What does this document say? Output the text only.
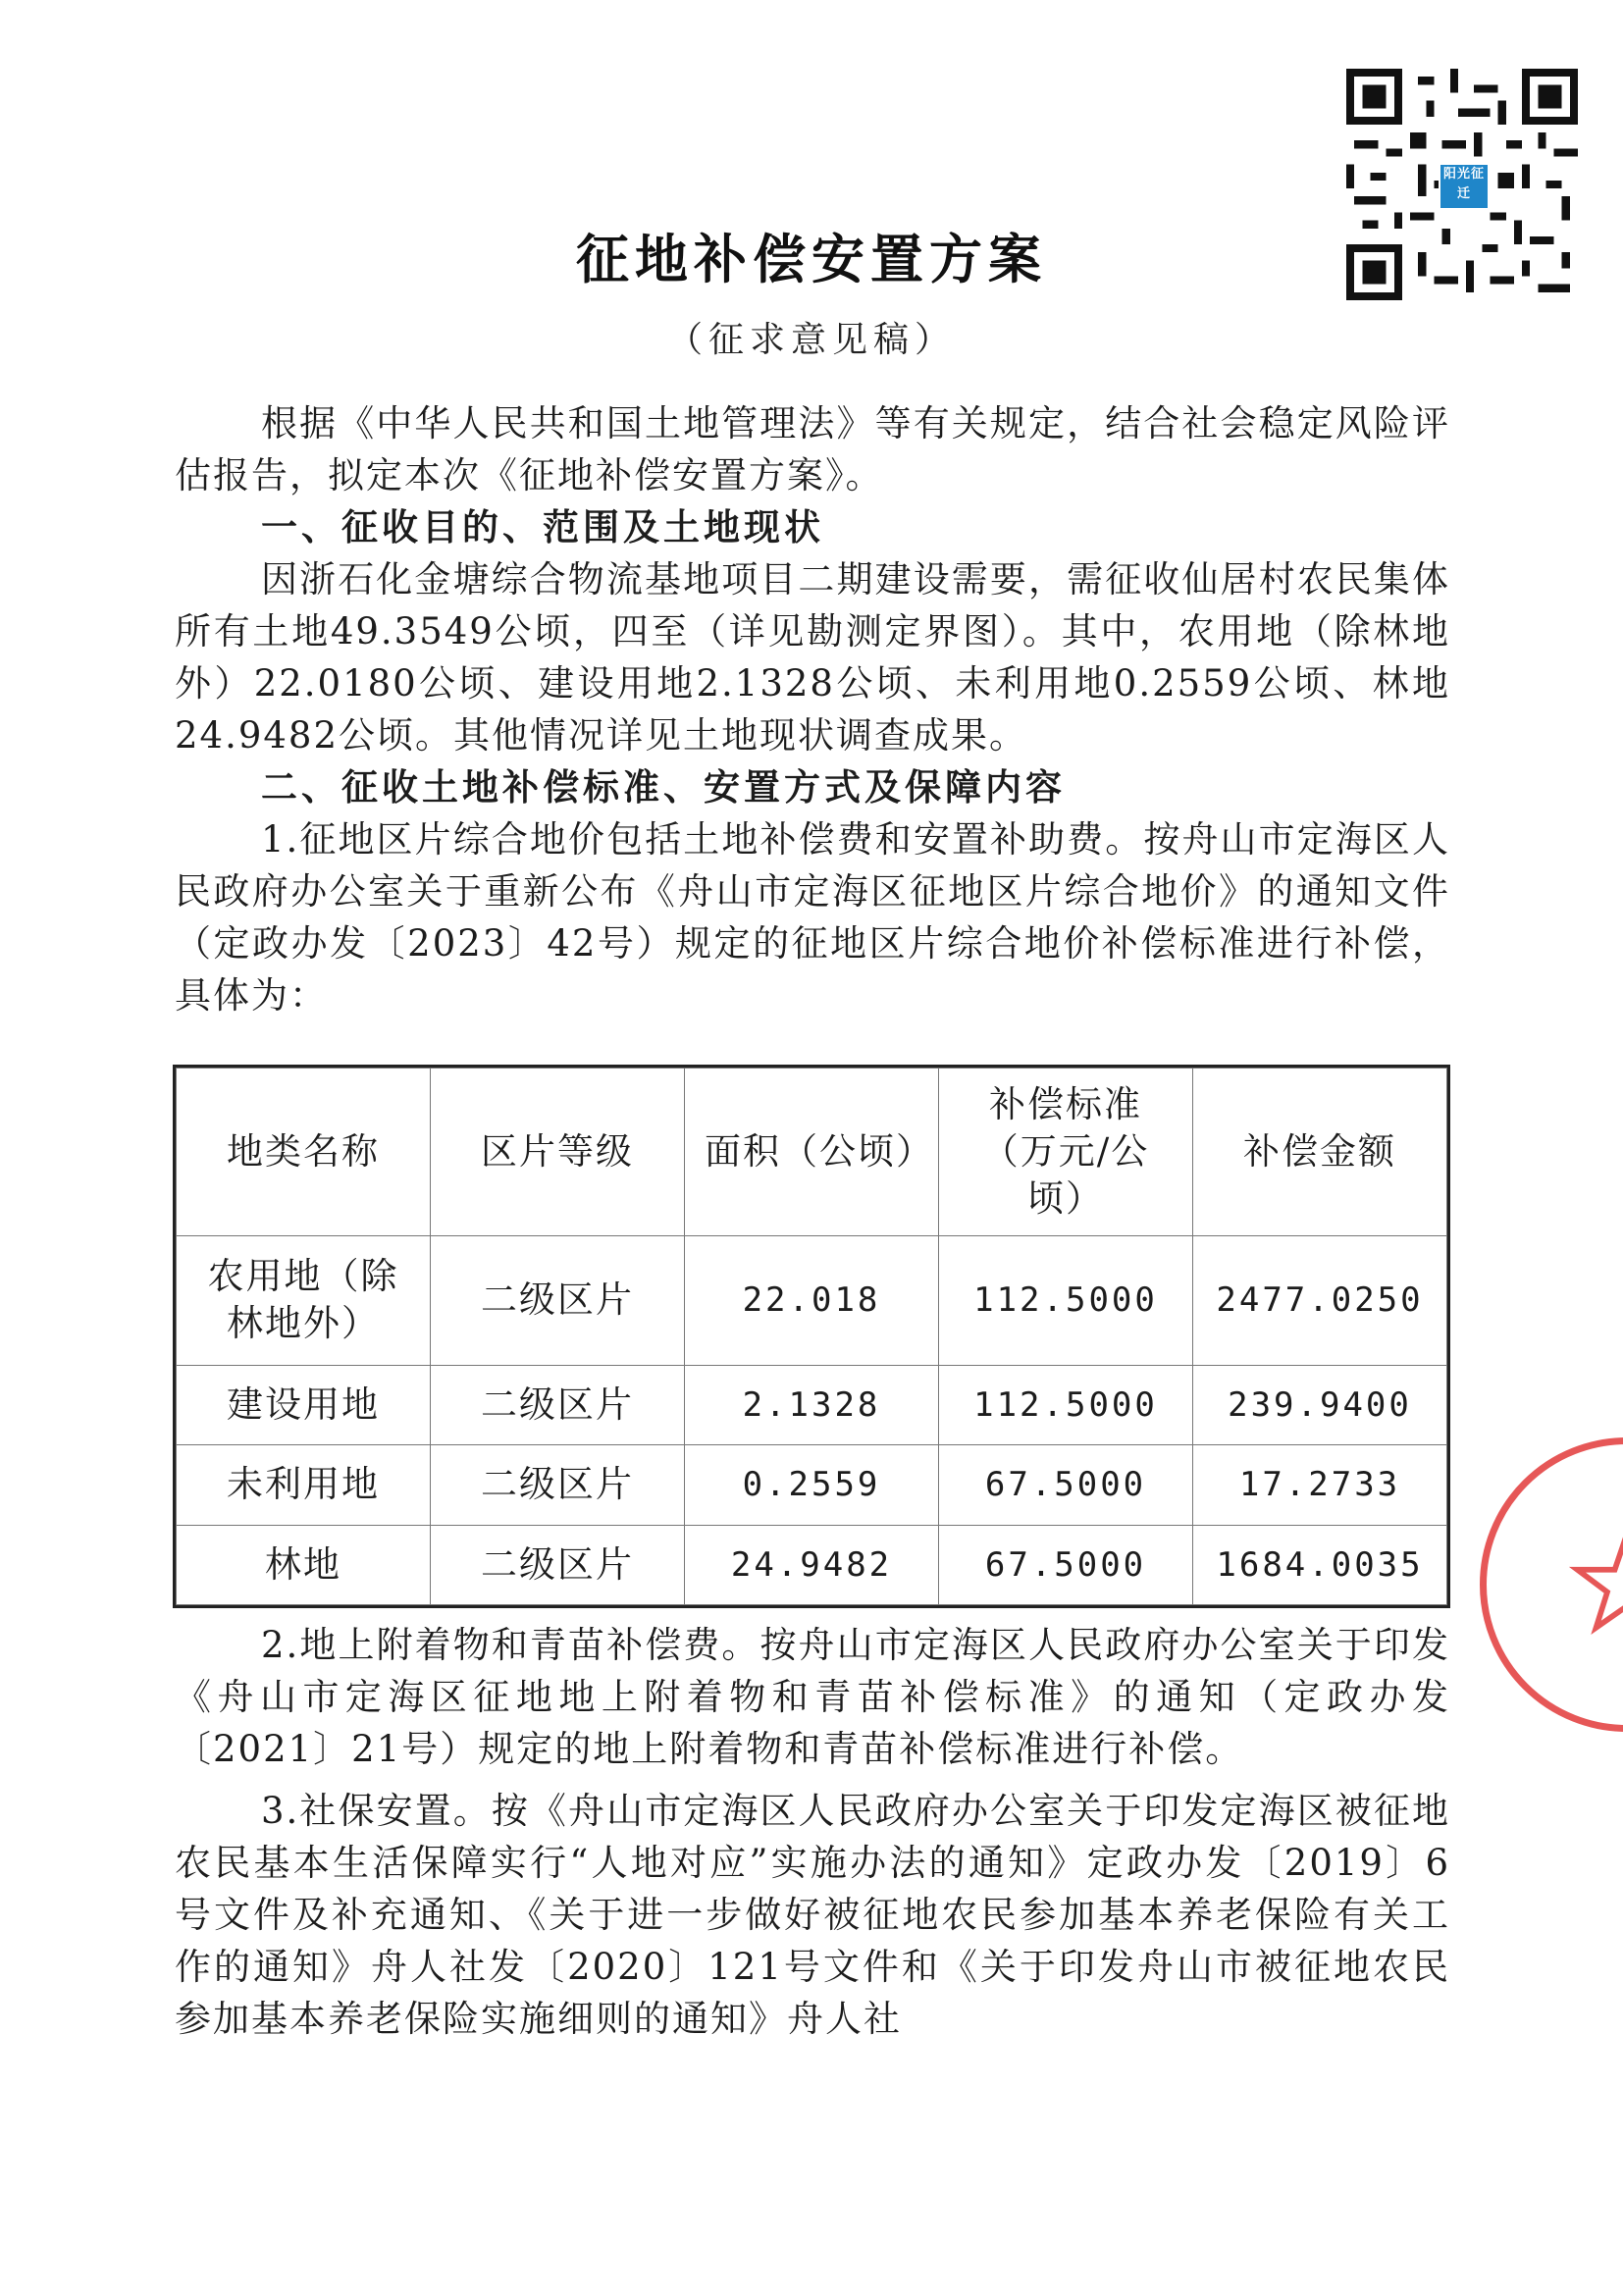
阳光征迁
征地补偿安置方案
（征求意见稿）

根据《中华人民共和国土地管理法》等有关规定，结合社会稳定风险评估报告，拟定本次《征地补偿安置方案》。

一、征收目的、范围及土地现状

因浙石化金塘综合物流基地项目二期建设需要，需征收仙居村农民集体所有土地49.3549公顷，四至（详见勘测定界图）。其中，农用地（除林地外）22.0180公顷、建设用地2.1328公顷、未利用地0.2559公顷、林地24.9482公顷。其他情况详见土地现状调查成果。

二、征收土地补偿标准、安置方式及保障内容

1.征地区片综合地价包括土地补偿费和安置补助费。按舟山市定海区人民政府办公室关于重新公布《舟山市定海区征地区片综合地价》的通知文件（定政办发〔2023〕42号）规定的征地区片综合地价补偿标准进行补偿，具体为：

地类名称	区片等级	面积（公顷）	补偿标准（万元/公顷）	补偿金额
农用地（除林地外）	二级区片	22.018	112.5000	2477.0250
建设用地	二级区片	2.1328	112.5000	239.9400
未利用地	二级区片	0.2559	67.5000	17.2733
林地	二级区片	24.9482	67.5000	1684.0035

2.地上附着物和青苗补偿费。按舟山市定海区人民政府办公室关于印发《舟山市定海区征地地上附着物和青苗补偿标准》的通知（定政办发〔2021〕21号）规定的地上附着物和青苗补偿标准进行补偿。

3.社保安置。按《舟山市定海区人民政府办公室关于印发定海区被征地农民基本生活保障实行“人地对应”实施办法的通知》定政办发〔2019〕6号文件及补充通知、《关于进一步做好被征地农民参加基本养老保险有关工作的通知》舟人社发〔2020〕121号文件和《关于印发舟山市被征地农民参加基本养老保险实施细则的通知》舟人社
